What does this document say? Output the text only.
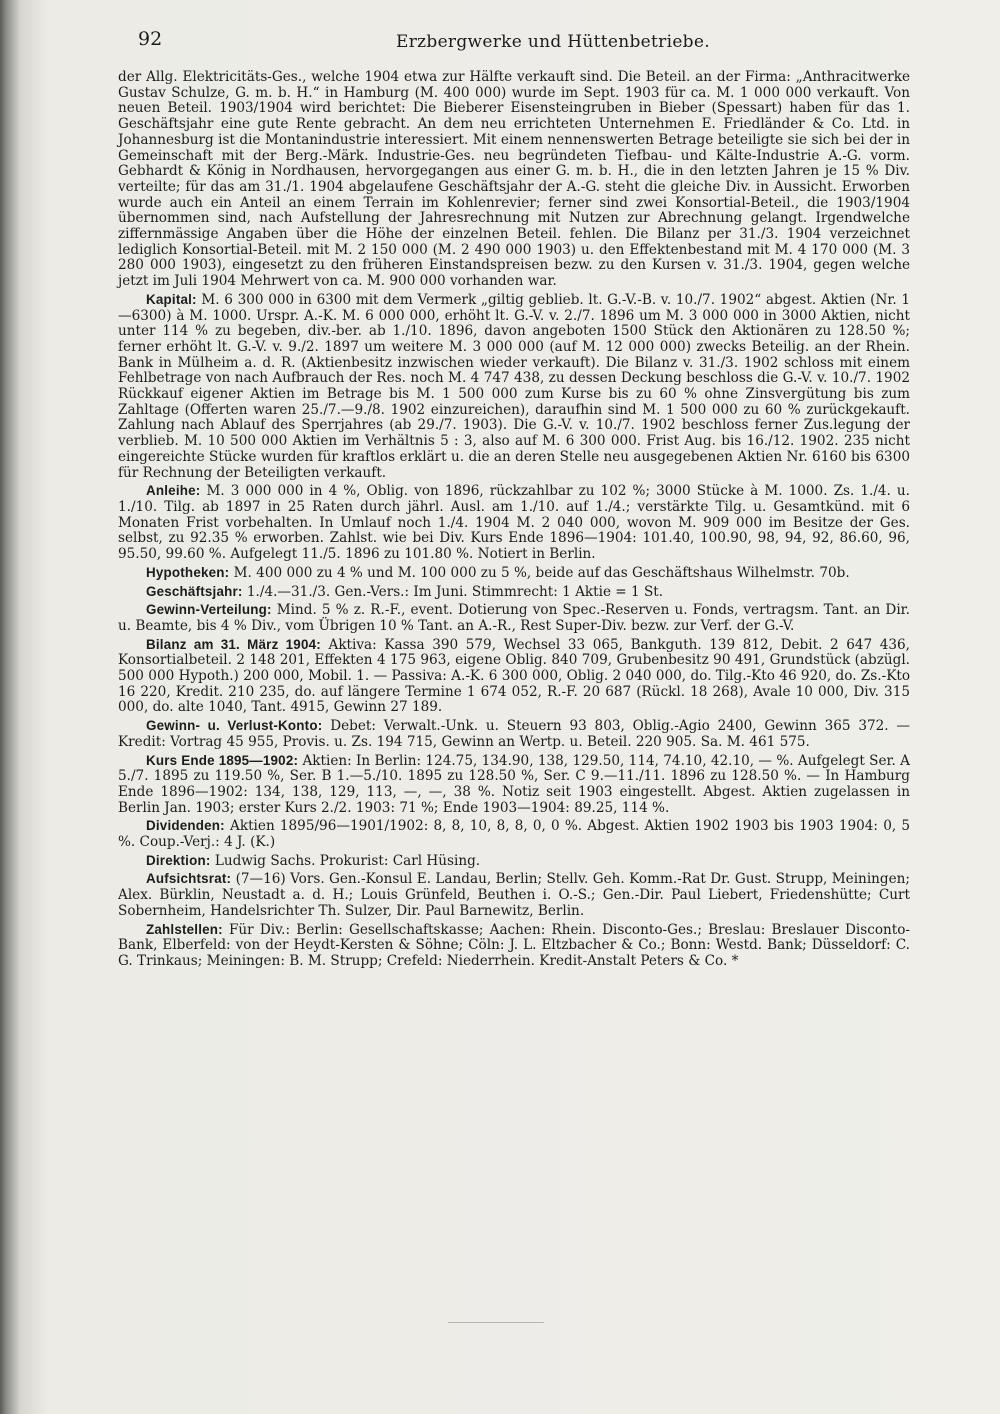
92	Erzbergwerke und Hüttenbetriebe.

der Allg. Elektricitäts-Ges., welche 1904 etwa zur Hälfte verkauft sind. Die Beteil. an der Firma: „Anthracitwerke Gustav Schulze, G. m. b. H.“ in Hamburg (M. 400 000) wurde im Sept. 1903 für ca. M. 1 000 000 verkauft. Von neuen Beteil. 1903/1904 wird berichtet: Die Bieberer Eisensteingruben in Bieber (Spessart) haben für das 1. Geschäftsjahr eine gute Rente gebracht. An dem neu errichteten Unternehmen E. Friedländer & Co. Ltd. in Johannesburg ist die Montanindustrie interessiert. Mit einem nennenswerten Betrage beteiligte sie sich bei der in Gemeinschaft mit der Berg.-Märk. Industrie-Ges. neu begründeten Tiefbau- und Kälte-Industrie A.-G. vorm. Gebhardt & König in Nordhausen, hervorgegangen aus einer G. m. b. H., die in den letzten Jahren je 15 % Div. verteilte; für das am 31./1. 1904 abgelaufene Geschäftsjahr der A.-G. steht die gleiche Div. in Aussicht. Erworben wurde auch ein Anteil an einem Terrain im Kohlenrevier; ferner sind zwei Konsortial-Beteil., die 1903/1904 übernommen sind, nach Aufstellung der Jahresrechnung mit Nutzen zur Abrechnung gelangt. Irgendwelche ziffernmässige Angaben über die Höhe der einzelnen Beteil. fehlen. Die Bilanz per 31./3. 1904 verzeichnet lediglich Konsortial-Beteil. mit M. 2 150 000 (M. 2 490 000 1903) u. den Effektenbestand mit M. 4 170 000 (M. 3 280 000 1903), eingesetzt zu den früheren Einstandspreisen bezw. zu den Kursen v. 31./3. 1904, gegen welche jetzt im Juli 1904 Mehrwert von ca. M. 900 000 vorhanden war.

Kapital: M. 6 300 000 in 6300 mit dem Vermerk „giltig geblieb. lt. G.-V.-B. v. 10./7. 1902“ abgest. Aktien (Nr. 1—6300) à M. 1000. Urspr. A.-K. M. 6 000 000, erhöht lt. G.-V. v. 2./7. 1896 um M. 3 000 000 in 3000 Aktien, nicht unter 114 % zu begeben, div.-ber. ab 1./10. 1896, davon angeboten 1500 Stück den Aktionären zu 128.50 %; ferner erhöht lt. G.-V. v. 9./2. 1897 um weitere M. 3 000 000 (auf M. 12 000 000) zwecks Beteilig. an der Rhein. Bank in Mülheim a. d. R. (Aktienbesitz inzwischen wieder verkauft). Die Bilanz v. 31./3. 1902 schloss mit einem Fehlbetrage von nach Aufbrauch der Res. noch M. 4 747 438, zu dessen Deckung beschloss die G.-V. v. 10./7. 1902 Rückkauf eigener Aktien im Betrage bis M. 1 500 000 zum Kurse bis zu 60 % ohne Zinsvergütung bis zum Zahltage (Offerten waren 25./7.—9./8. 1902 einzureichen), daraufhin sind M. 1 500 000 zu 60 % zurückgekauft. Zahlung nach Ablauf des Sperrjahres (ab 29./7. 1903). Die G.-V. v. 10./7. 1902 beschloss ferner Zus.legung der verblieb. M. 10 500 000 Aktien im Verhältnis 5 : 3, also auf M. 6 300 000. Frist Aug. bis 16./12. 1902. 235 nicht eingereichte Stücke wurden für kraftlos erklärt u. die an deren Stelle neu ausgegebenen Aktien Nr. 6160 bis 6300 für Rechnung der Beteiligten verkauft.

Anleihe: M. 3 000 000 in 4 %, Oblig. von 1896, rückzahlbar zu 102 %; 3000 Stücke à M. 1000. Zs. 1./4. u. 1./10. Tilg. ab 1897 in 25 Raten durch jährl. Ausl. am 1./10. auf 1./4.; verstärkte Tilg. u. Gesamtkünd. mit 6 Monaten Frist vorbehalten. In Umlauf noch 1./4. 1904 M. 2 040 000, wovon M. 909 000 im Besitze der Ges. selbst, zu 92.35 % erworben. Zahlst. wie bei Div. Kurs Ende 1896—1904: 101.40, 100.90, 98, 94, 92, 86.60, 96, 95.50, 99.60 %. Aufgelegt 11./5. 1896 zu 101.80 %. Notiert in Berlin.

Hypotheken: M. 400 000 zu 4 % und M. 100 000 zu 5 %, beide auf das Geschäftshaus Wilhelmstr. 70b.

Geschäftsjahr: 1./4.—31./3. Gen.-Vers.: Im Juni. Stimmrecht: 1 Aktie = 1 St.

Gewinn-Verteilung: Mind. 5 % z. R.-F., event. Dotierung von Spec.-Reserven u. Fonds, vertragsm. Tant. an Dir. u. Beamte, bis 4 % Div., vom Übrigen 10 % Tant. an A.-R., Rest Super-Div. bezw. zur Verf. der G.-V.

Bilanz am 31. März 1904: Aktiva: Kassa 390 579, Wechsel 33 065, Bankguth. 139 812, Debit. 2 647 436, Konsortialbeteil. 2 148 201, Effekten 4 175 963, eigene Oblig. 840 709, Grubenbesitz 90 491, Grundstück (abzügl. 500 000 Hypoth.) 200 000, Mobil. 1. — Passiva: A.-K. 6 300 000, Oblig. 2 040 000, do. Tilg.-Kto 46 920, do. Zs.-Kto 16 220, Kredit. 210 235, do. auf längere Termine 1 674 052, R.-F. 20 687 (Rückl. 18 268), Avale 10 000, Div. 315 000, do. alte 1040, Tant. 4915, Gewinn 27 189.

Gewinn- u. Verlust-Konto: Debet: Verwalt.-Unk. u. Steuern 93 803, Oblig.-Agio 2400, Gewinn 365 372. — Kredit: Vortrag 45 955, Provis. u. Zs. 194 715, Gewinn an Wertp. u. Beteil. 220 905. Sa. M. 461 575.

Kurs Ende 1895—1902: Aktien: In Berlin: 124.75, 134.90, 138, 129.50, 114, 74.10, 42.10, — %. Aufgelegt Ser. A 5./7. 1895 zu 119.50 %, Ser. B 1.—5./10. 1895 zu 128.50 %, Ser. C 9.—11./11. 1896 zu 128.50 %. — In Hamburg Ende 1896—1902: 134, 138, 129, 113, —, —, 38 %. Notiz seit 1903 eingestellt. Abgest. Aktien zugelassen in Berlin Jan. 1903; erster Kurs 2./2. 1903: 71 %; Ende 1903—1904: 89.25, 114 %.

Dividenden: Aktien 1895/96—1901/1902: 8, 8, 10, 8, 8, 0, 0 %. Abgest. Aktien 1902 1903 bis 1903 1904: 0, 5 %. Coup.-Verj.: 4 J. (K.)

Direktion: Ludwig Sachs. Prokurist: Carl Hüsing.

Aufsichtsrat: (7—16) Vors. Gen.-Konsul E. Landau, Berlin; Stellv. Geh. Komm.-Rat Dr. Gust. Strupp, Meiningen; Alex. Bürklin, Neustadt a. d. H.; Louis Grünfeld, Beuthen i. O.-S.; Gen.-Dir. Paul Liebert, Friedenshütte; Curt Sobernheim, Handelsrichter Th. Sulzer, Dir. Paul Barnewitz, Berlin.

Zahlstellen: Für Div.: Berlin: Gesellschaftskasse; Aachen: Rhein. Disconto-Ges.; Breslau: Breslauer Disconto-Bank, Elberfeld: von der Heydt-Kersten & Söhne; Cöln: J. L. Eltzbacher & Co.; Bonn: Westd. Bank; Düsseldorf: C. G. Trinkaus; Meiningen: B. M. Strupp; Crefeld: Niederrhein. Kredit-Anstalt Peters & Co. *
